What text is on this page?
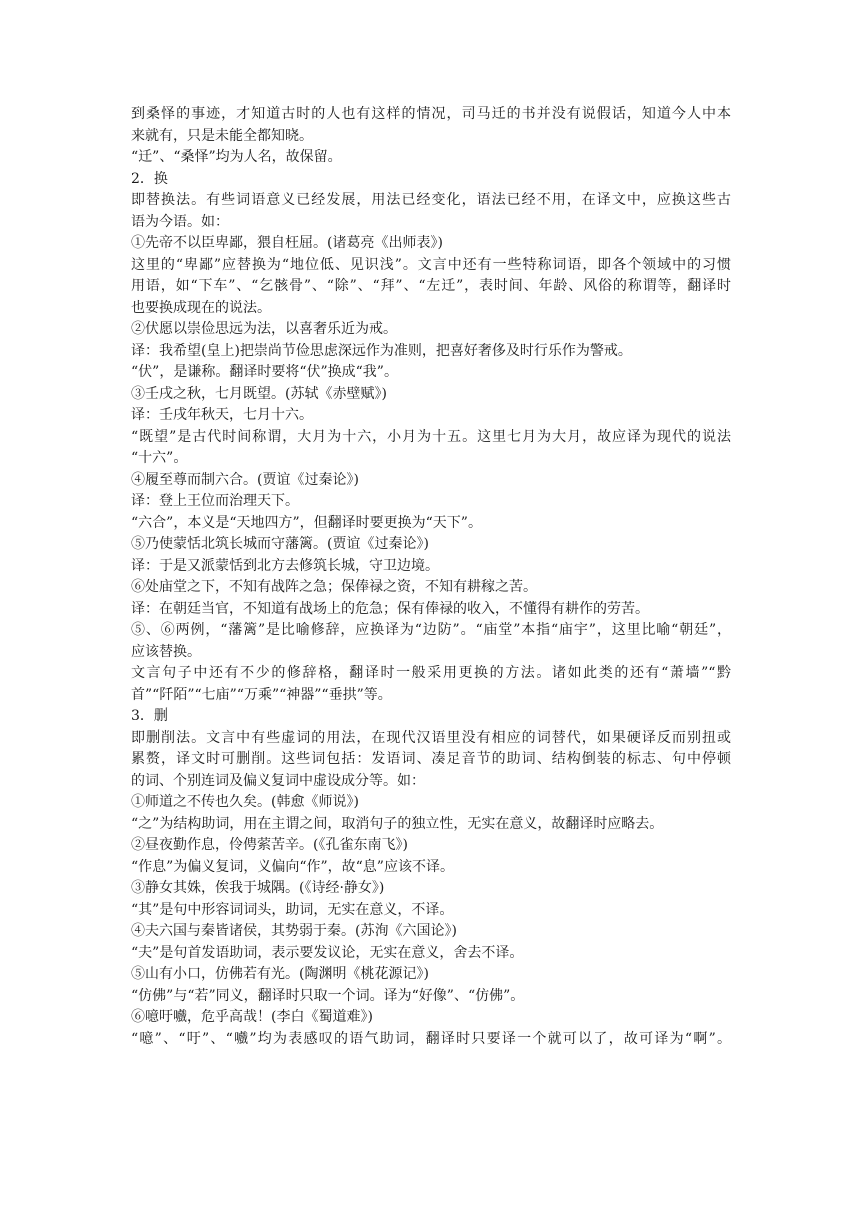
到桑怿的事迹，才知道古时的人也有这样的情况，司马迁的书并没有说假话，知道今人中本
来就有，只是未能全都知晓。
“迁”、“桑怿”均为人名，故保留。
2．换
即替换法。有些词语意义已经发展，用法已经变化，语法已经不用，在译文中，应换这些古
语为今语。如：
①先帝不以臣卑鄙，猥自枉屈。(诸葛亮《出师表》)
这里的“卑鄙”应替换为“地位低、见识浅”。文言中还有一些特称词语，即各个领域中的习惯
用语，如“下车”、“乞骸骨”、“除”、“拜”、“左迁”，表时间、年龄、风俗的称谓等，翻译时
也要换成现在的说法。
②伏愿以崇俭思远为法，以喜奢乐近为戒。
译：我希望(皇上)把崇尚节俭思虑深远作为准则，把喜好奢侈及时行乐作为警戒。
“伏”，是谦称。翻译时要将“伏”换成“我”。
③壬戌之秋，七月既望。(苏轼《赤壁赋》)
译：壬戌年秋天，七月十六。
“既望”是古代时间称谓，大月为十六，小月为十五。这里七月为大月，故应译为现代的说法
“十六”。
④履至尊而制六合。(贾谊《过秦论》)
译：登上王位而治理天下。
“六合”，本义是“天地四方”，但翻译时要更换为“天下”。
⑤乃使蒙恬北筑长城而守藩篱。(贾谊《过秦论》)
译：于是又派蒙恬到北方去修筑长城，守卫边境。
⑥处庙堂之下，不知有战阵之急；保俸禄之资，不知有耕稼之苦。
译：在朝廷当官，不知道有战场上的危急；保有俸禄的收入，不懂得有耕作的劳苦。
⑤、⑥两例，“藩篱”是比喻修辞，应换译为“边防”。“庙堂”本指“庙宇”，这里比喻“朝廷”，
应该替换。
文言句子中还有不少的修辞格，翻译时一般采用更换的方法。诸如此类的还有“萧墙”“黔
首”“阡陌”“七庙”“万乘”“神器”“垂拱”等。
3．删
即删削法。文言中有些虚词的用法，在现代汉语里没有相应的词替代，如果硬译反而别扭或
累赘，译文时可删削。这些词包括：发语词、凑足音节的助词、结构倒装的标志、句中停顿
的词、个别连词及偏义复词中虚设成分等。如：
①师道之不传也久矣。(韩愈《师说》)
“之”为结构助词，用在主谓之间，取消句子的独立性，无实在意义，故翻译时应略去。
②昼夜勤作息，伶俜萦苦辛。(《孔雀东南飞》)
“作息”为偏义复词，义偏向“作”，故“息”应该不译。
③静女其姝，俟我于城隅。(《诗经·静女》)
“其”是句中形容词词头，助词，无实在意义，不译。
④夫六国与秦皆诸侯，其势弱于秦。(苏洵《六国论》)
“夫”是句首发语助词，表示要发议论，无实在意义，舍去不译。
⑤山有小口，仿佛若有光。(陶渊明《桃花源记》)
“仿佛”与“若”同义，翻译时只取一个词。译为“好像”、“仿佛”。
⑥噫吁嚱，危乎高哉！(李白《蜀道难》)
“噫”、“吁”、“嚱”均为表感叹的语气助词，翻译时只要译一个就可以了，故可译为“啊”。
